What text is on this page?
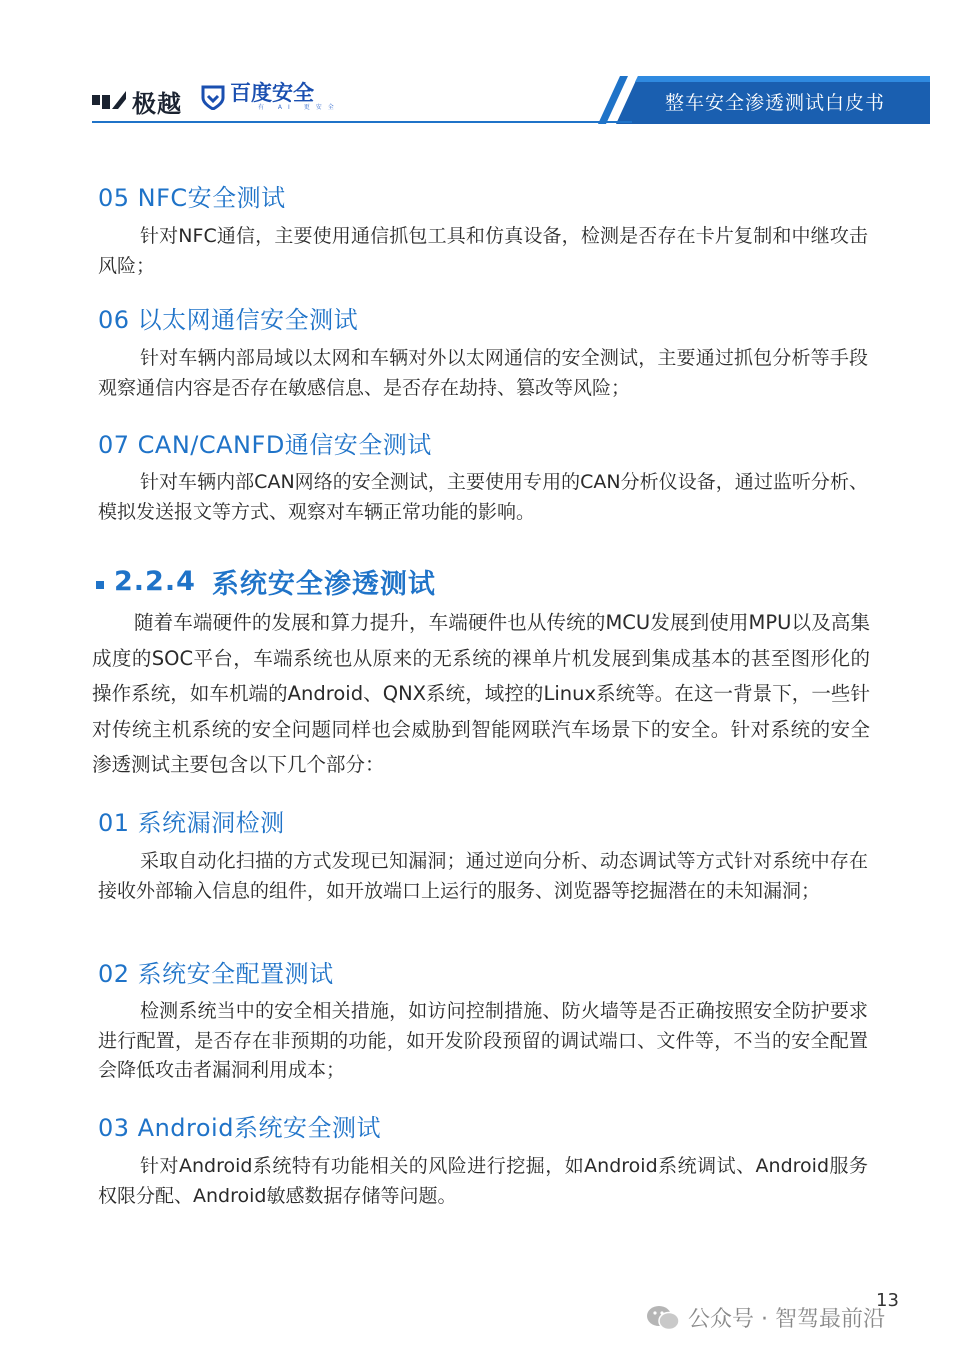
极越 百度安全
有 AI 更安全	整车安全渗透测试白皮书
05 NFC安全测试

针对NFC通信，主要使用通信抓包工具和仿真设备，检测是否存在卡片复制和中继攻击风险；

06 以太网通信安全测试

针对车辆内部局域以太网和车辆对外以太网通信的安全测试，主要通过抓包分析等手段观察通信内容是否存在敏感信息、是否存在劫持、篡改等风险；

07 CAN/CANFD通信安全测试

针对车辆内部CAN网络的安全测试，主要使用专用的CAN分析仪设备，通过监听分析、模拟发送报文等方式、观察对车辆正常功能的影响。

2.2.4 系统安全渗透测试

随着车端硬件的发展和算力提升，车端硬件也从传统的MCU发展到使用MPU以及高集成度的SOC平台，车端系统也从原来的无系统的裸单片机发展到集成基本的甚至图形化的操作系统，如车机端的Android、QNX系统，域控的Linux系统等。在这一背景下，一些针对传统主机系统的安全问题同样也会威胁到智能网联汽车场景下的安全。针对系统的安全渗透测试主要包含以下几个部分：

01 系统漏洞检测

采取自动化扫描的方式发现已知漏洞；通过逆向分析、动态调试等方式针对系统中存在接收外部输入信息的组件，如开放端口上运行的服务、浏览器等挖掘潜在的未知漏洞；

02 系统安全配置测试

检测系统当中的安全相关措施，如访问控制措施、防火墙等是否正确按照安全防护要求进行配置，是否存在非预期的功能，如开发阶段预留的调试端口、文件等，不当的安全配置会降低攻击者漏洞利用成本；

03 Android系统安全测试

针对Android系统特有功能相关的风险进行挖掘，如Android系统调试、Android服务权限分配、Android敏感数据存储等问题。

13
公众号 · 智驾最前沿
